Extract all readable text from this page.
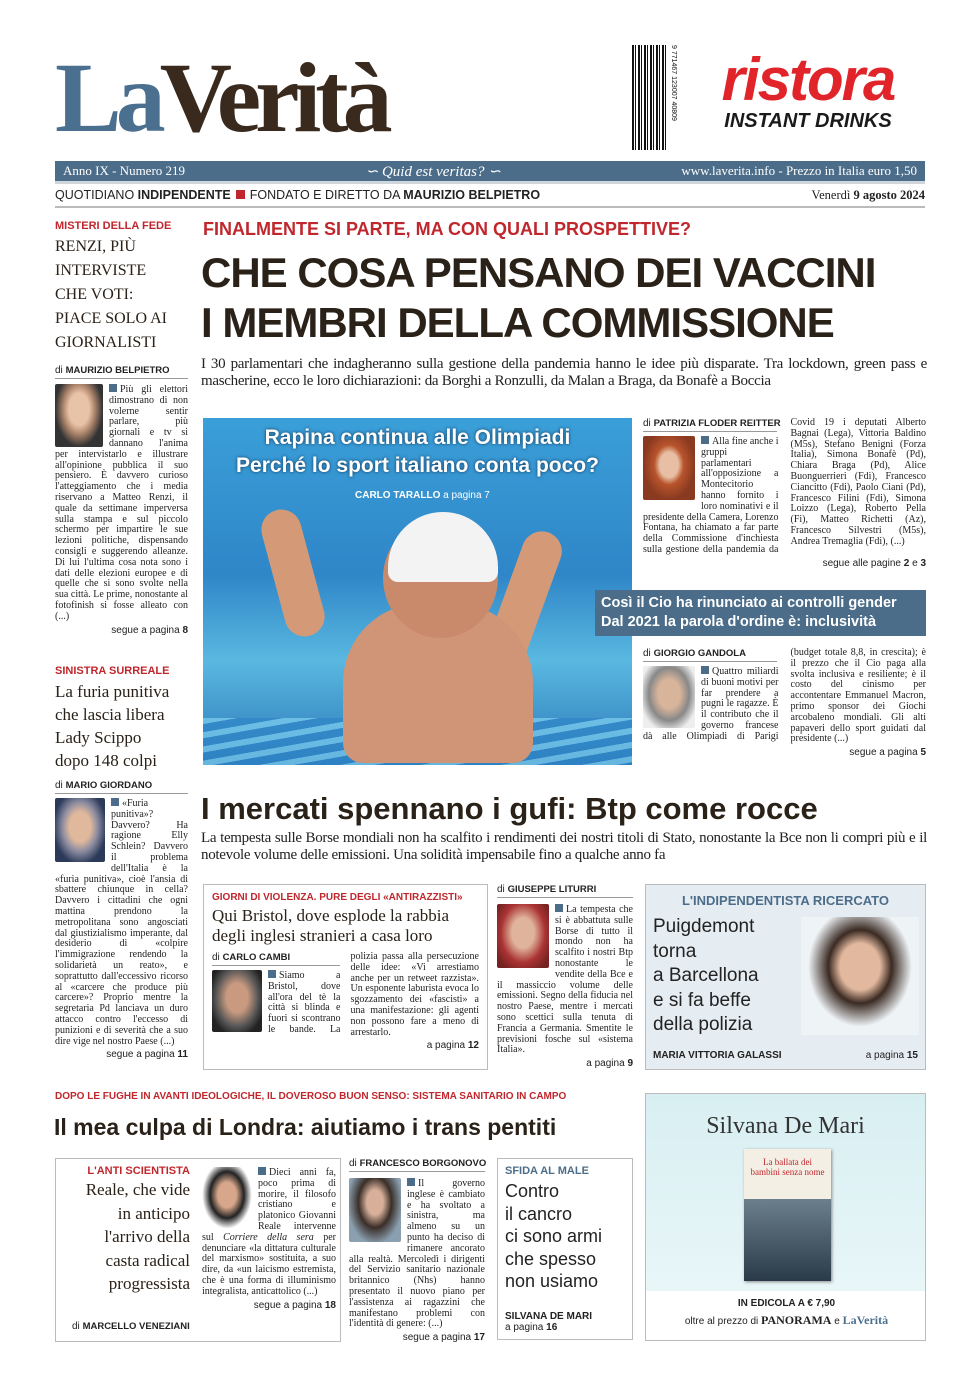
LaVerità	9 771467 123007 40809 ristora
INSTANT DRINKS
Anno IX - Numero 219	∽ Quid est veritas? ∽	www.laverita.info - Prezzo in Italia euro 1,50
QUOTIDIANO INDIPENDENTE FONDATO E DIRETTO DA MAURIZIO BELPIETRO	Venerdì 9 agosto 2024
MISTERI DELLA FEDE
RENZI, PIÙ
INTERVISTE
CHE VOTI:
PIACE SOLO AI
GIORNALISTI
di MAURIZIO BELPIETRO
Più gli elettori dimostrano di non volerne sentir parlare, più giornali e tv si dannano l'anima per intervistarlo e illustrare all'opinione pubblica il suo pensiero. È davvero curioso l'atteggiamento che i media riservano a Matteo Renzi, il quale da settimane imperversa sulla stampa e sul piccolo schermo per impartire le sue lezioni politiche, dispensando consigli e suggerendo alleanze. Di lui l'ultima cosa nota sono i dati delle elezioni europee e di quelle che si sono svolte nella sua città. Le prime, nonostante al fotofinish si fosse alleato con (...)
segue a pagina 8
SINISTRA SURREALE
La furia punitiva
che lascia libera
Lady Scippo
dopo 148 colpi
di MARIO GIORDANO
«Furia punitiva»? Davvero? Ha ragione Elly Schlein? Davvero il problema dell'Italia è la «furia punitiva», cioè l'ansia di sbattere chiunque in cella? Davvero i cittadini che ogni mattina prendono la metropolitana sono angosciati dal giustizialismo imperante, dal desiderio di «colpire l'immigrazione rendendo la solidarietà un reato», e soprattutto dall'eccessivo ricorso al «carcere che produce più carcere»? Proprio mentre la segretaria Pd lanciava un duro attacco contro l'eccesso di punizioni e di severità che a suo dire vige nel nostro Paese (...)
segue a pagina 11
FINALMENTE SI PARTE, MA CON QUALI PROSPETTIVE?
CHE COSA PENSANO DEI VACCINI
I MEMBRI DELLA COMMISSIONE
I 30 parlamentari che indagheranno sulla gestione della pandemia hanno le idee più disparate. Tra lockdown, green pass e mascherine, ecco le loro dichiarazioni: da Borghi a Ronzulli, da Malan a Braga, da Bonafè a Boccia
Rapina continua alle Olimpiadi
Perché lo sport italiano conta poco?
CARLO TARALLO a pagina 7
di PATRIZIA FLODER REITTER
Alla fine anche i gruppi parlamentari all'opposizione a Montecitorio hanno fornito i loro nominativi e il presidente della Camera, Lorenzo Fontana, ha chiamato a far parte della Commissione d'inchiesta sulla gestione della pandemia da Covid 19 i deputati Alberto Bagnai (Lega), Vittoria Baldino (M5s), Stefano Benigni (Forza Italia), Simona Bonafè (Pd), Chiara Braga (Pd), Alice Buonguerrieri (Fdi), Francesco Ciancitto (Fdi), Paolo Ciani (Pd), Francesco Filini (Fdi), Simona Loizzo (Lega), Roberto Pella (Fi), Matteo Richetti (Az), Francesco Silvestri (M5s), Andrea Tremaglia (Fdi), (...)
segue alle pagine 2 e 3
Così il Cio ha rinunciato ai controlli gender
Dal 2021 la parola d'ordine è: inclusività
di GIORGIO GANDOLA
Quattro miliardi di buoni motivi per far prendere a pugni le ragazze. È il contributo che il governo francese dà alle Olimpiadi di Parigi (budget totale 8,8, in crescita); è il prezzo che il Cio paga alla svolta inclusiva e resiliente; è il costo del cinismo per accontentare Emmanuel Macron, primo sponsor dei Giochi arcobaleno mondiali. Gli alti papaveri dello sport guidati dal presidente (...)
segue a pagina 5
I mercati spennano i gufi: Btp come rocce
La tempesta sulle Borse mondiali non ha scalfito i rendimenti dei nostri titoli di Stato, nonostante la Bce non li compri più e il notevole volume delle emissioni. Una solidità impensabile fino a qualche anno fa
GIORNI DI VIOLENZA. PURE DEGLI «ANTIRAZZISTI»
Qui Bristol, dove esplode la rabbia
degli inglesi stranieri a casa loro
di CARLO CAMBI
Siamo a Bristol, dove all'ora del tè la città si blinda e fuori si scontrano le bande. La polizia passa alla persecuzione delle idee: «Vi arrestiamo anche per un retweet razzista». Un esponente laburista evoca lo sgozzamento dei «fascisti» a una manifestazione: gli agenti non possono fare a meno di arrestarlo.
a pagina 12
di GIUSEPPE LITURRI
La tempesta che si è abbattuta sulle Borse di tutto il mondo non ha scalfito i nostri Btp nonostante le vendite della Bce e il massiccio volume delle emissioni. Segno della fiducia nel nostro Paese, mentre i mercati sono scettici sulla tenuta di Francia a Germania. Smentite le previsioni fosche sul «sistema Italia».
a pagina 9
L'INDIPENDENTISTA RICERCATO
Puigdemont
torna
a Barcellona
e si fa beffe
della polizia
MARIA VITTORIA GALASSI	a pagina 15
DOPO LE FUGHE IN AVANTI IDEOLOGICHE, IL DOVEROSO BUON SENSO: SISTEMA SANITARIO IN CAMPO
Il mea culpa di Londra: aiutiamo i trans pentiti
L'ANTI SCIENTISTA
Reale, che vide
in anticipo
l'arrivo della
casta radical
progressista
di MARCELLO VENEZIANI
Dieci anni fa, poco prima di morire, il filosofo cristiano e platonico Giovanni Reale intervenne sul Corriere della sera per denunciare «la dittatura culturale del marxismo» sostituita, a suo dire, da «un laicismo estremista, che è una forma di illuminismo integralista, anticattolico (...)
segue a pagina 18
di FRANCESCO BORGONOVO
Il governo inglese è cambiato e ha svoltato a sinistra, ma almeno su un punto ha deciso di rimanere ancorato alla realtà. Mercoledì i dirigenti del Servizio sanitario nazionale britannico (Nhs) hanno presentato il nuovo piano per l'assistenza ai ragazzini che manifestano problemi con l'identità di genere: (...)
segue a pagina 17
SFIDA AL MALE
Contro
il cancro
ci sono armi
che spesso
non usiamo
SILVANA DE MARI
a pagina 16
Silvana De Mari
La ballata dei bambini senza nome
IN EDICOLA A € 7,90
oltre al prezzo di PANORAMA e LaVerità
